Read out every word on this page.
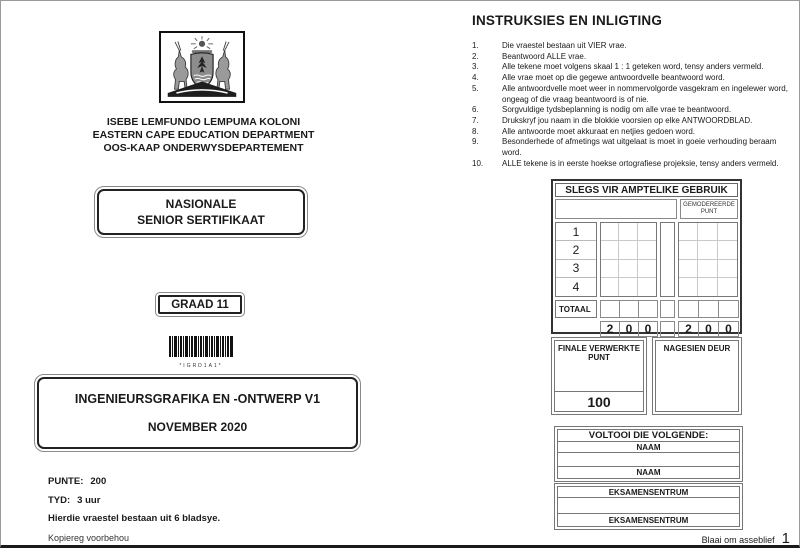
ISEBE LEMFUNDO LEMPUMA KOLONI
EASTERN CAPE EDUCATION DEPARTMENT
OOS-KAAP ONDERWYSDEPARTEMENT
NASIONALE
SENIOR SERTIFIKAAT
GRAAD 11
*IGRD1A1*
INGENIEURSGRAFIKA EN -ONTWERP V1
NOVEMBER 2020
PUNTE: 200
TYD: 3 uur
Hierdie vraestel bestaan uit 6 bladsye.
Kopiereg voorbehou
INSTRUKSIES EN INLIGTING
1.	Die vraestel bestaan uit VIER vrae.
2.	Beantwoord ALLE vrae.
3.	Alle tekene moet volgens skaal 1 : 1 geteken word, tensy anders vermeld.
4.	Alle vrae moet op die gegewe antwoordvelle beantwoord word.
5.	Alle antwoordvelle moet weer in nommervolgorde vasgekram en ingelewer word, ongeag of die vraag beantwoord is of nie.
6.	Sorgvuldige tydsbeplanning is nodig om alle vrae te beantwoord.
7.	Drukskryf jou naam in die blokkie voorsien op elke ANTWOORDBLAD.
8.	Alle antwoorde moet akkuraat en netjies gedoen word.
9.	Besonderhede of afmetings wat uitgelaat is moet in goeie verhouding beraam word.
10.	ALLE tekene is in eerste hoekse ortografiese projeksie, tensy anders vermeld.
SLEGS VIR AMPTELIKE GEBRUIK
GEMODEREERDE PUNT
1
2
3
4
TOTAAL
2	0	0	2	0	0
FINALE VERWERKTE PUNT
100
NAGESIEN DEUR
VOLTOOI DIE VOLGENDE:
NAAM
NAAM
EKSAMENSENTRUM
EKSAMENSENTRUM
Blaai om asseblief 1
